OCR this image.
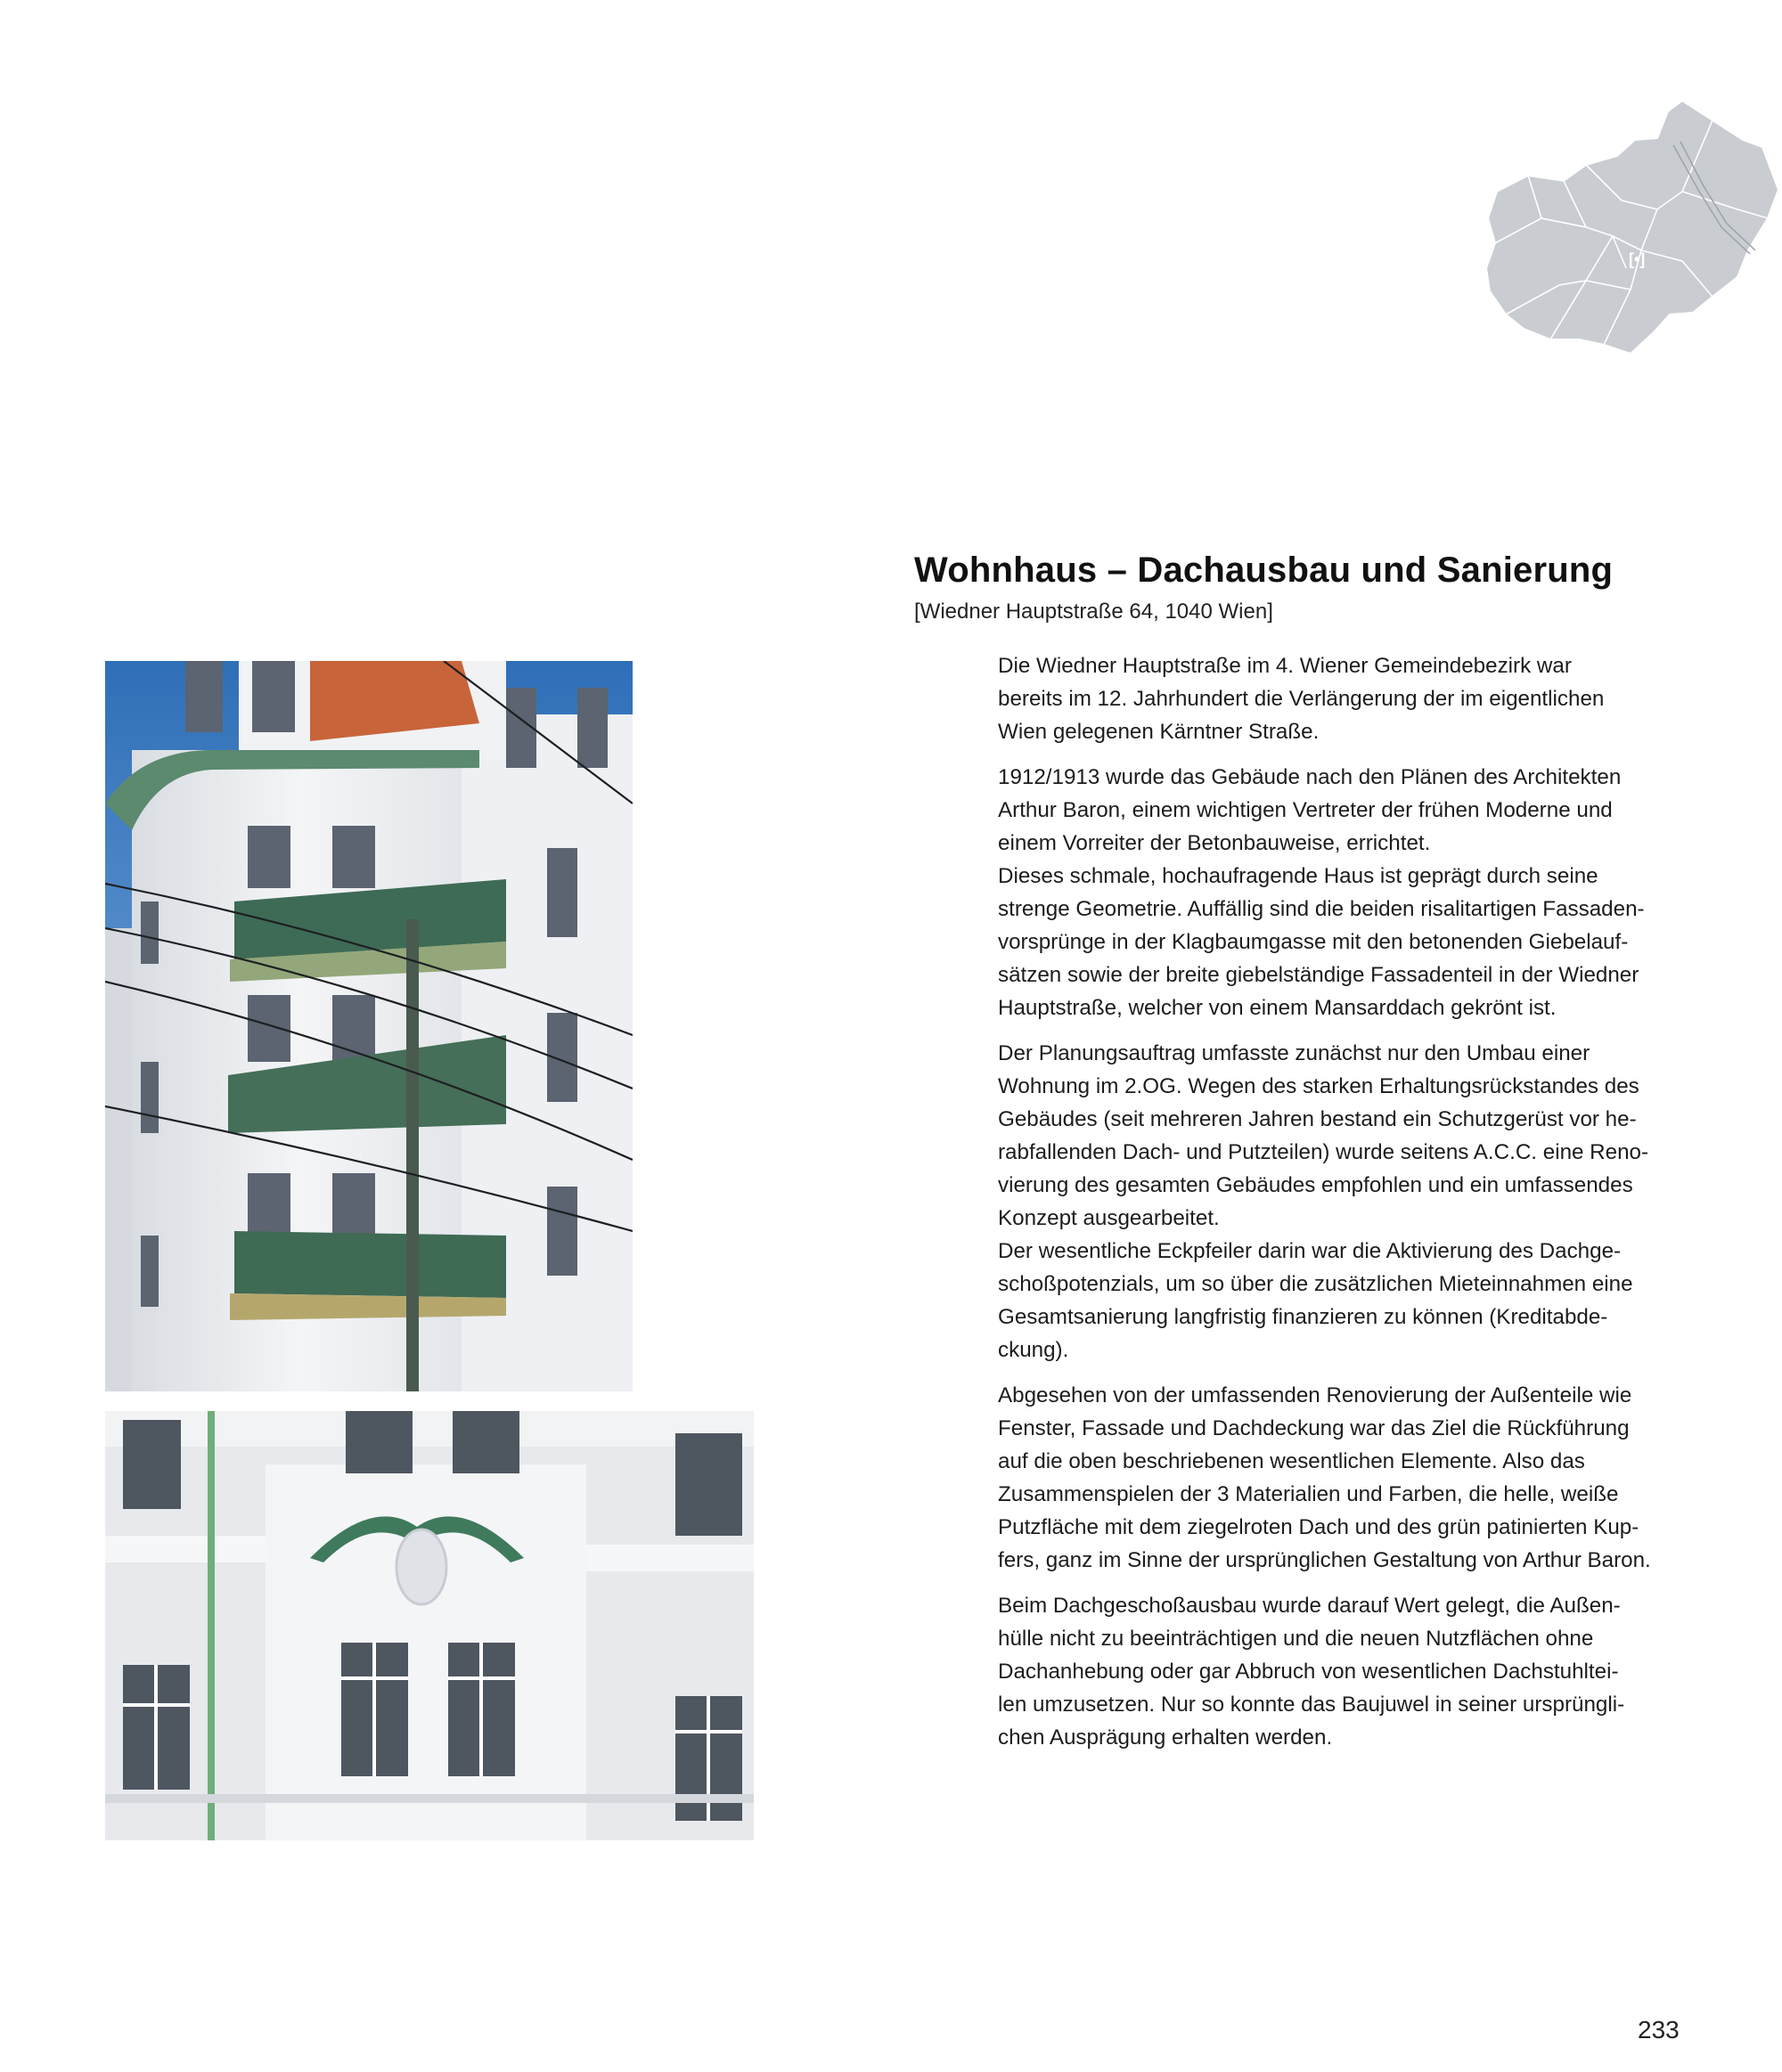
[•]
Wohnhaus – Dachausbau und Sanierung
[Wiedner Hauptstraße 64, 1040 Wien]

Die Wiedner Hauptstraße im 4. Wiener Gemeindebezirk war
bereits im 12. Jahrhundert die Verlängerung der im eigentlichen
Wien gelegenen Kärntner Straße.

1912/1913 wurde das Gebäude nach den Plänen des Architekten
Arthur Baron, einem wichtigen Vertreter der frühen Moderne und
einem Vorreiter der Betonbauweise, errichtet.
Dieses schmale, hochaufragende Haus ist geprägt durch seine
strenge Geometrie. Auffällig sind die beiden risalitartigen Fassaden-
vorsprünge in der Klagbaumgasse mit den betonenden Giebelauf-
sätzen sowie der breite giebelständige Fassadenteil in der Wiedner
Hauptstraße, welcher von einem Mansarddach gekrönt ist.

Der Planungsauftrag umfasste zunächst nur den Umbau einer
Wohnung im 2.OG. Wegen des starken Erhaltungsrückstandes des
Gebäudes (seit mehreren Jahren bestand ein Schutzgerüst vor he-
rabfallenden Dach- und Putzteilen) wurde seitens A.C.C. eine Reno-
vierung des gesamten Gebäudes empfohlen und ein umfassendes
Konzept ausgearbeitet.
Der wesentliche Eckpfeiler darin war die Aktivierung des Dachge-
schoßpotenzials, um so über die zusätzlichen Mieteinnahmen eine
Gesamtsanierung langfristig finanzieren zu können (Kreditabde-
ckung).

Abgesehen von der umfassenden Renovierung der Außenteile wie
Fenster, Fassade und Dachdeckung war das Ziel die Rückführung
auf die oben beschriebenen wesentlichen Elemente. Also das
Zusammenspielen der 3 Materialien und Farben, die helle, weiße
Putzfläche mit dem ziegelroten Dach und des grün patinierten Kup-
fers, ganz im Sinne der ursprünglichen Gestaltung von Arthur Baron.

Beim Dachgeschoßausbau wurde darauf Wert gelegt, die Außen-
hülle nicht zu beeinträchtigen und die neuen Nutzflächen ohne
Dachanhebung oder gar Abbruch von wesentlichen Dachstuhltei-
len umzusetzen. Nur so konnte das Baujuwel in seiner ursprüngli-
chen Ausprägung erhalten werden.

233
